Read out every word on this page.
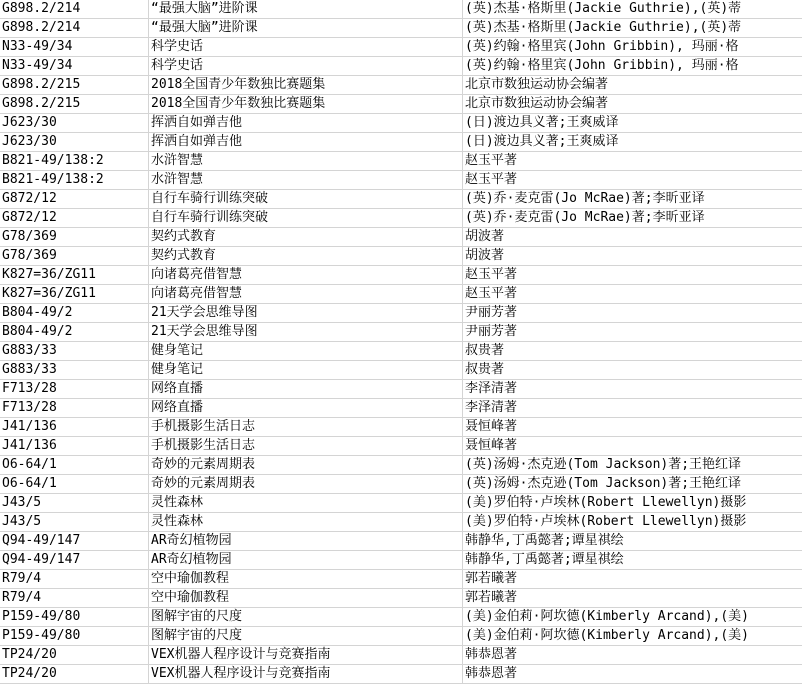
G898.2/214	“最强大脑”进阶课	(英)杰基·格斯里(Jackie Guthrie),(英)蒂
G898.2/214	“最强大脑”进阶课	(英)杰基·格斯里(Jackie Guthrie),(英)蒂
N33-49/34	科学史话	(英)约翰·格里宾(John Gribbin), 玛丽·格
N33-49/34	科学史话	(英)约翰·格里宾(John Gribbin), 玛丽·格
G898.2/215	2018全国青少年数独比赛题集	北京市数独运动协会编著
G898.2/215	2018全国青少年数独比赛题集	北京市数独运动协会编著
J623/30	挥洒自如弹吉他	(日)渡边具义著;王爽威译
J623/30	挥洒自如弹吉他	(日)渡边具义著;王爽威译
B821-49/138:2	水浒智慧	赵玉平著
B821-49/138:2	水浒智慧	赵玉平著
G872/12	自行车骑行训练突破	(英)乔·麦克雷(Jo McRae)著;李昕亚译
G872/12	自行车骑行训练突破	(英)乔·麦克雷(Jo McRae)著;李昕亚译
G78/369	契约式教育	胡波著
G78/369	契约式教育	胡波著
K827=36/ZG11	向诸葛亮借智慧	赵玉平著
K827=36/ZG11	向诸葛亮借智慧	赵玉平著
B804-49/2	21天学会思维导图	尹丽芳著
B804-49/2	21天学会思维导图	尹丽芳著
G883/33	健身笔记	叔贵著
G883/33	健身笔记	叔贵著
F713/28	网络直播	李泽清著
F713/28	网络直播	李泽清著
J41/136	手机摄影生活日志	聂恒峰著
J41/136	手机摄影生活日志	聂恒峰著
O6-64/1	奇妙的元素周期表	(英)汤姆·杰克逊(Tom Jackson)著;王艳红译
O6-64/1	奇妙的元素周期表	(英)汤姆·杰克逊(Tom Jackson)著;王艳红译
J43/5	灵性森林	(美)罗伯特·卢埃林(Robert Llewellyn)摄影
J43/5	灵性森林	(美)罗伯特·卢埃林(Robert Llewellyn)摄影
Q94-49/147	AR奇幻植物园	韩静华,丁禹懿著;谭星祺绘
Q94-49/147	AR奇幻植物园	韩静华,丁禹懿著;谭星祺绘
R79/4	空中瑜伽教程	郭若曦著
R79/4	空中瑜伽教程	郭若曦著
P159-49/80	图解宇宙的尺度	(美)金伯莉·阿坎德(Kimberly Arcand),(美)
P159-49/80	图解宇宙的尺度	(美)金伯莉·阿坎德(Kimberly Arcand),(美)
TP24/20	VEX机器人程序设计与竞赛指南	韩恭恩著
TP24/20	VEX机器人程序设计与竞赛指南	韩恭恩著
